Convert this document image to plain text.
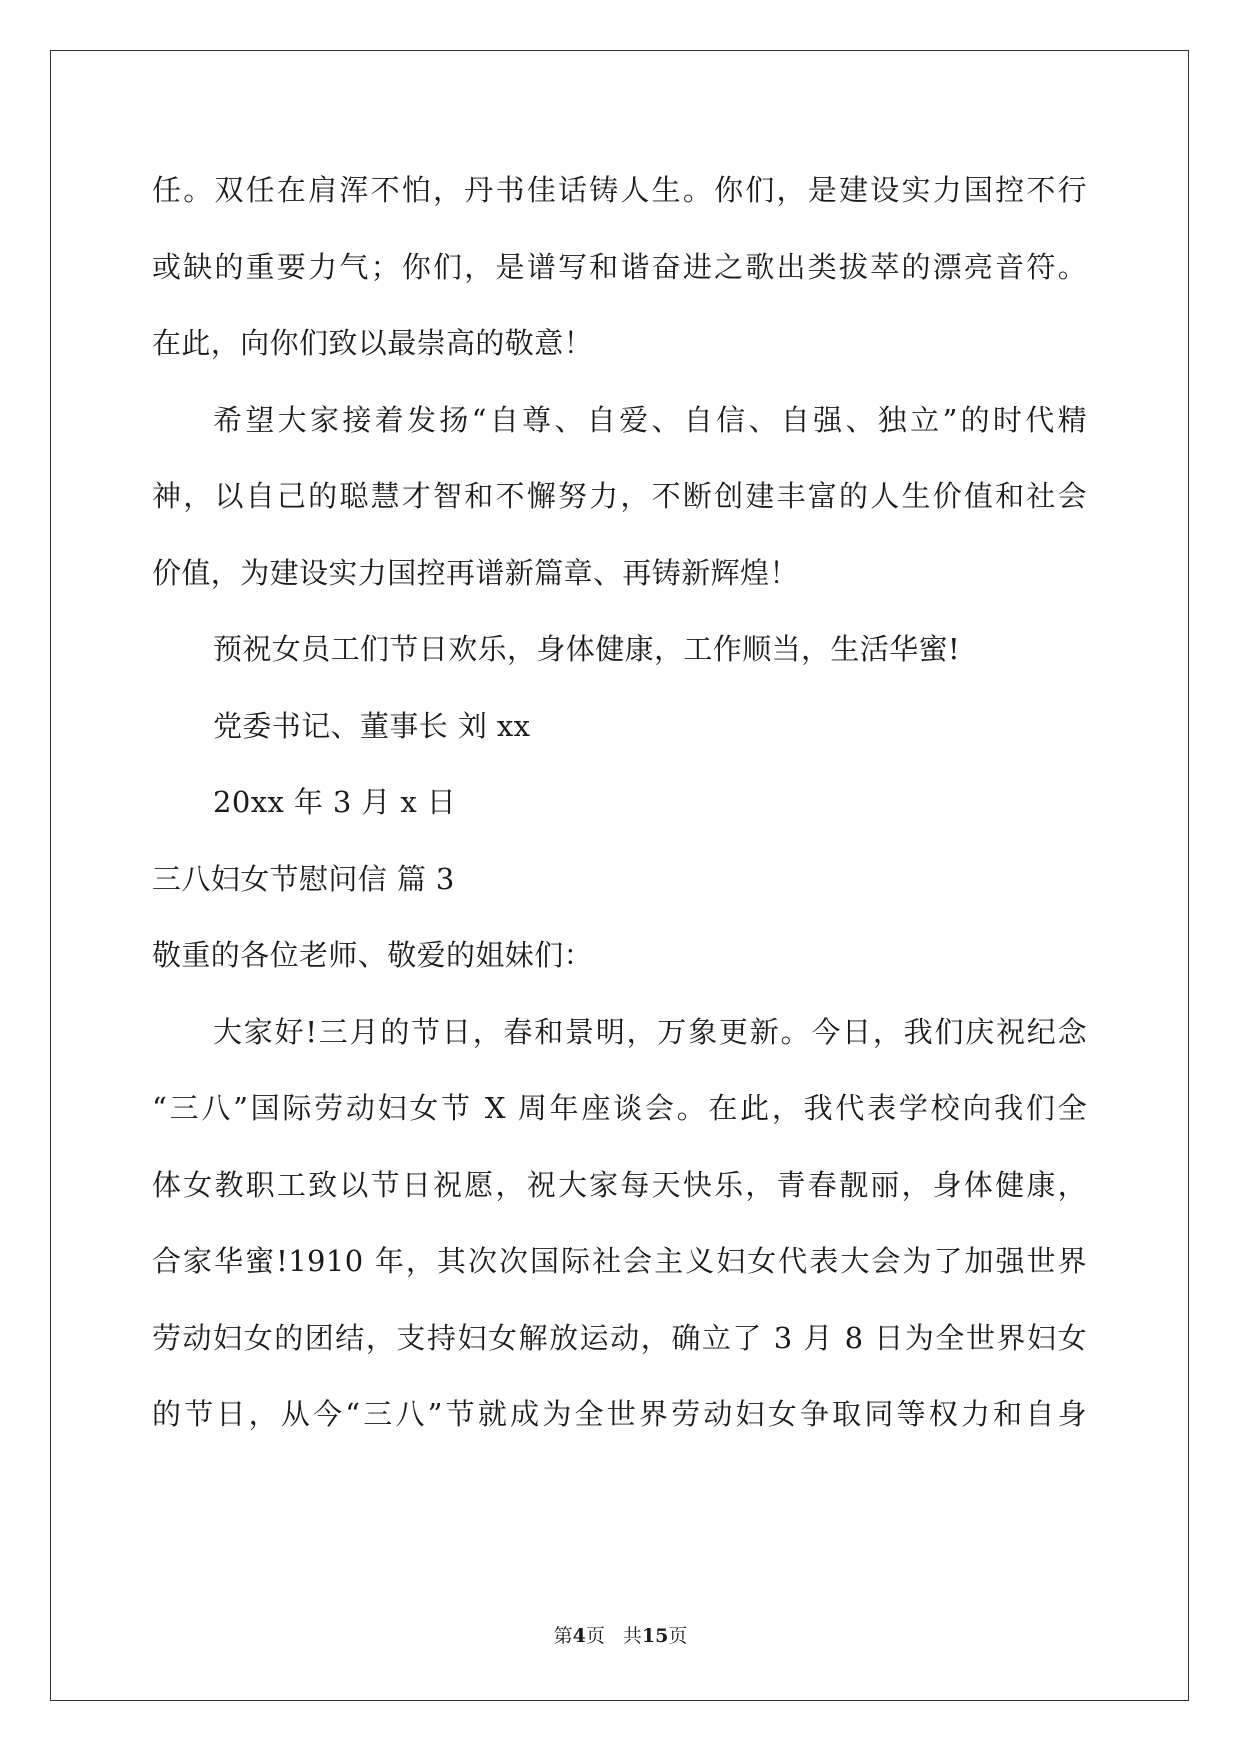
任。双任在肩浑不怕，丹书佳话铸人生。你们，是建设实力国控不行
或缺的重要力气；你们，是谱写和谐奋进之歌出类拔萃的漂亮音符。
在此，向你们致以最崇高的敬意！
希望大家接着发扬“自尊、自爱、自信、自强、独立”的时代精
神，以自己的聪慧才智和不懈努力，不断创建丰富的人生价值和社会
价值，为建设实力国控再谱新篇章、再铸新辉煌！
预祝女员工们节日欢乐，身体健康，工作顺当，生活华蜜!
党委书记、董事长 刘 xx
20xx 年 3 月 x 日
三八妇女节慰问信 篇 3
敬重的各位老师、敬爱的姐妹们：
大家好!三月的节日，春和景明，万象更新。今日，我们庆祝纪念
“三八”国际劳动妇女节 X 周年座谈会。在此，我代表学校向我们全
体女教职工致以节日祝愿，祝大家每天快乐，青春靓丽，身体健康，
合家华蜜!1910 年，其次次国际社会主义妇女代表大会为了加强世界
劳动妇女的团结，支持妇女解放运动，确立了 3 月 8 日为全世界妇女
的节日，从今“三八”节就成为全世界劳动妇女争取同等权力和自身
第4页 共15页
